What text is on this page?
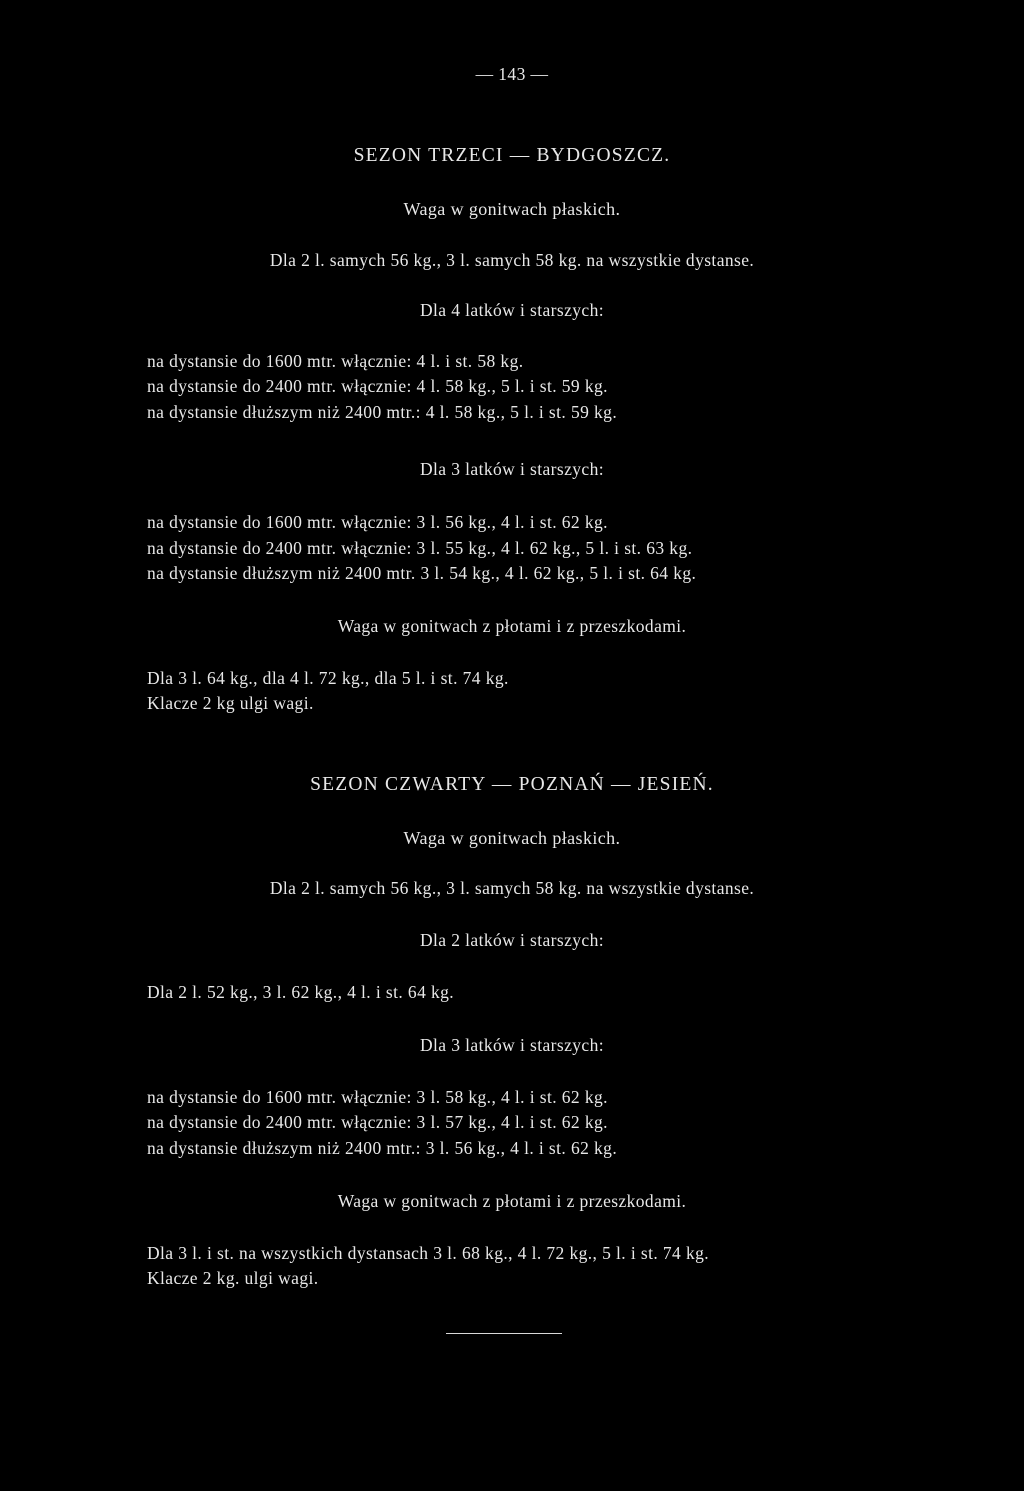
— 143 —
SEZON TRZECI — BYDGOSZCZ.
Waga w gonitwach płaskich.
Dla 2 l. samych 56 kg., 3 l. samych 58 kg. na wszystkie dystanse.
Dla 4 latków i starszych:
na dystansie do 1600 mtr. włącznie: 4 l. i st. 58 kg.
na dystansie do 2400 mtr. włącznie: 4 l. 58 kg., 5 l. i st. 59 kg.
na dystansie dłuższym niż 2400 mtr.: 4 l. 58 kg., 5 l. i st. 59 kg.
Dla 3 latków i starszych:
na dystansie do 1600 mtr. włącznie: 3 l. 56 kg., 4 l. i st. 62 kg.
na dystansie do 2400 mtr. włącznie: 3 l. 55 kg., 4 l. 62 kg., 5 l. i st. 63 kg.
na dystansie dłuższym niż 2400 mtr. 3 l. 54 kg., 4 l. 62 kg., 5 l. i st. 64 kg.
Waga w gonitwach z płotami i z przeszkodami.
Dla 3 l. 64 kg., dla 4 l. 72 kg., dla 5 l. i st. 74 kg.
Klacze 2 kg ulgi wagi.
SEZON CZWARTY — POZNAŃ — JESIEŃ.
Waga w gonitwach płaskich.
Dla 2 l. samych 56 kg., 3 l. samych 58 kg. na wszystkie dystanse.
Dla 2 latków i starszych:
Dla 2 l. 52 kg., 3 l. 62 kg., 4 l. i st. 64 kg.
Dla 3 latków i starszych:
na dystansie do 1600 mtr. włącznie: 3 l. 58 kg., 4 l. i st. 62 kg.
na dystansie do 2400 mtr. włącznie: 3 l. 57 kg., 4 l. i st. 62 kg.
na dystansie dłuższym niż 2400 mtr.: 3 l. 56 kg., 4 l. i st. 62 kg.
Waga w gonitwach z płotami i z przeszkodami.
Dla 3 l. i st. na wszystkich dystansach 3 l. 68 kg., 4 l. 72 kg., 5 l. i st. 74 kg.
Klacze 2 kg. ulgi wagi.
